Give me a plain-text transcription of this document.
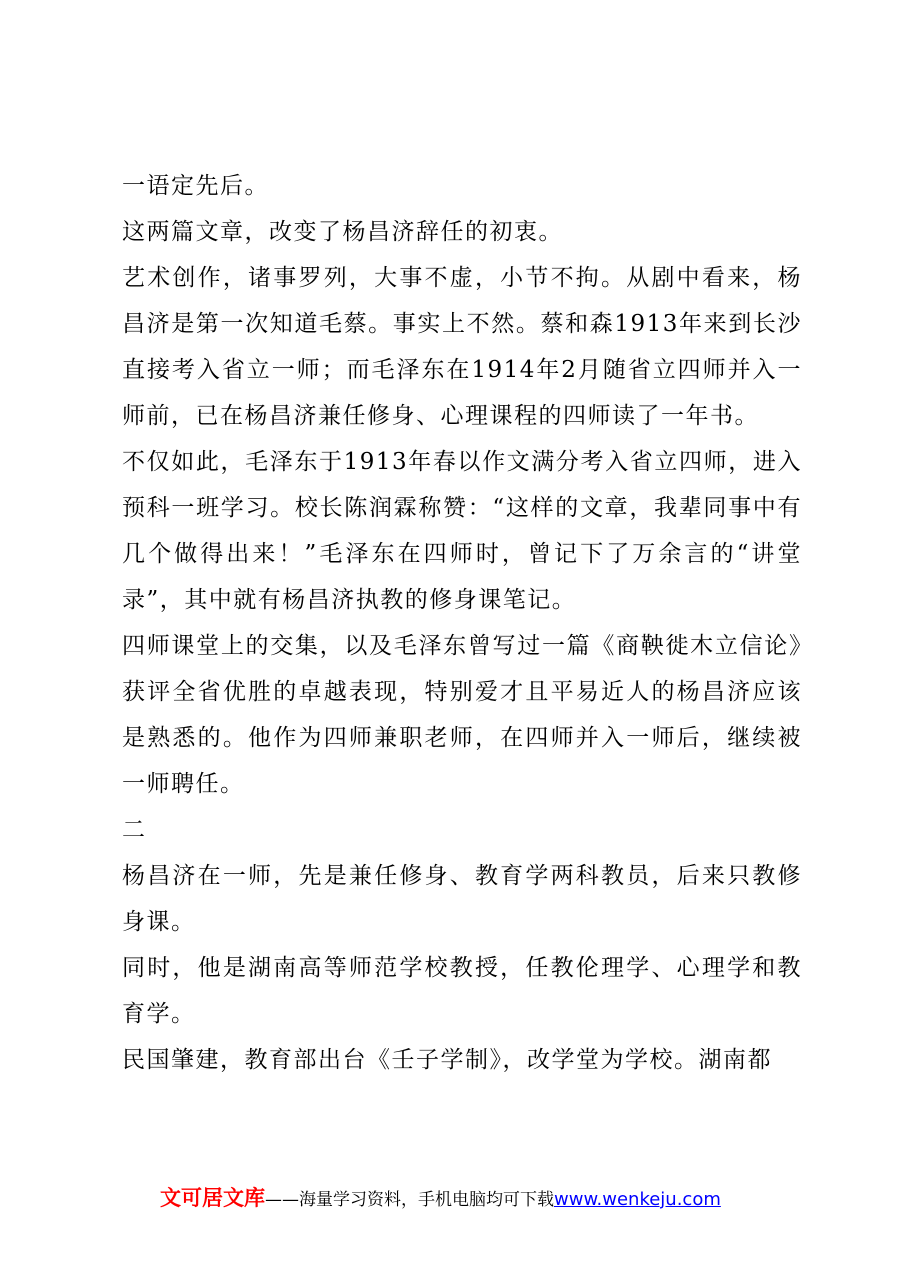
一语定先后。

这两篇文章，改变了杨昌济辞任的初衷。

艺术创作，诸事罗列，大事不虚，小节不拘。从剧中看来，杨昌济是第一次知道毛蔡。事实上不然。蔡和森1913年来到长沙直接考入省立一师；而毛泽东在1914年2月随省立四师并入一师前，已在杨昌济兼任修身、心理课程的四师读了一年书。

不仅如此，毛泽东于1913年春以作文满分考入省立四师，进入预科一班学习。校长陈润霖称赞：“这样的文章，我辈同事中有几个做得出来！”毛泽东在四师时，曾记下了万余言的“讲堂录”，其中就有杨昌济执教的修身课笔记。

四师课堂上的交集，以及毛泽东曾写过一篇《商鞅徙木立信论》获评全省优胜的卓越表现，特别爱才且平易近人的杨昌济应该是熟悉的。他作为四师兼职老师，在四师并入一师后，继续被一师聘任。

二

杨昌济在一师，先是兼任修身、教育学两科教员，后来只教修身课。

同时，他是湖南高等师范学校教授，任教伦理学、心理学和教育学。

民国肇建，教育部出台《壬子学制》，改学堂为学校。湖南都

文可居文库——海量学习资料，手机电脑均可下载www.wenkeju.com
